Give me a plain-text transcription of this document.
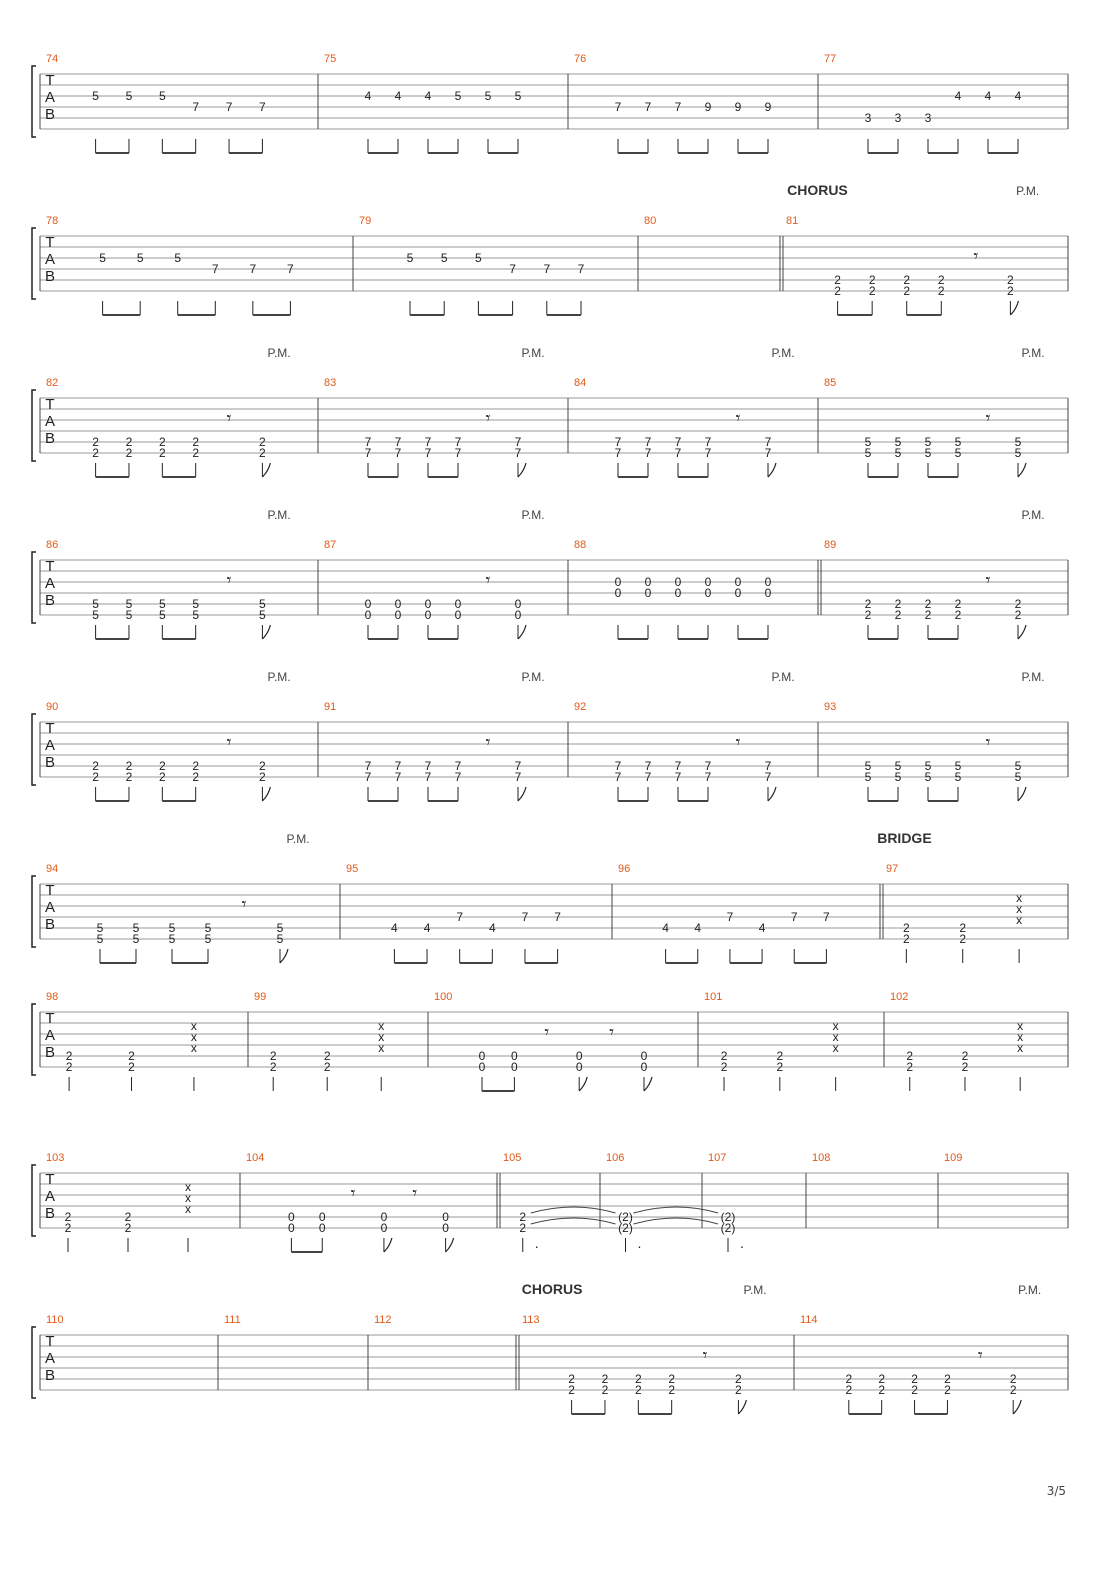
T
A
B
74
5 5 5
7 7 7
75
4 4 4 5 5 5
76
7 7 7 9 9 9
77
3 3 3
4 4 4
T
A
B
CHORUS
78
5	5	5
7	7	7
79
5 5 5
7 7 7
80	81
P.M.
2
2
2
2
2
2
2
2
𝄾
2
2
T
A
B
82
P.M.
2
2
2
2
2
2
2
2
𝄾
2
2
83
P.M.
7
7
7
7
7
7
7
7
𝄾
7
7
84
P.M.
7
7
7
7
7
7
7
7
𝄾
7
7
85
P.M.
5
5
5
5
5
5
5
5
𝄾
5
5
T
A
B
86
P.M.
5
5
5
5
5
5
5
5
𝄾
5
5
87
P.M.
0
0
0
0
0
0
0
0
𝄾
0
0
88
0
0
0
0
0
0
0
0
0
0
0
0
89
P.M.
2
2
2
2
2
2
2
2
𝄾
2
2
T
A
B
90
P.M.
2
2
2
2
2
2
2
2
𝄾
2
2
91
P.M.
7
7
7
7
7
7
7
7
𝄾
7
7
92
P.M.
7
7
7
7
7
7
7
7
𝄾
7
7
93
P.M.
5
5
5
5
5
5
5
5
𝄾
5
5
T
A
B
BRIDGE
94
P.M.
5
5
5
5
5
5
5
5
𝄾
5
5
95
4 4
7
4
7 7
96
4 4
7
4
7 7
97
2
2
2
2
x
x
x
T
A
B
98
2
2
2
2
x
x
x
99
2
2
2
2
x
x
x
100
0
0
0
0
𝄾
0
0
𝄾
0
0
101
2
2
2
2
x
x
x
102
2
2
2
2
x
x
x
T
A
B
103
2
2
2
2
x
x
x
104
0
0
0
0
𝄾
0
0
𝄾
0
0
105
2
2
.
106
(2)
(2)
.
107
(2)
(2)
.
108	109
T
A
B
CHORUS
110	111	112	113
P.M.
2
2
2
2
2
2
2
2
𝄾
2
2
114
P.M.
2
2
2
2
2
2
2
2
𝄾
2
2
3/5
